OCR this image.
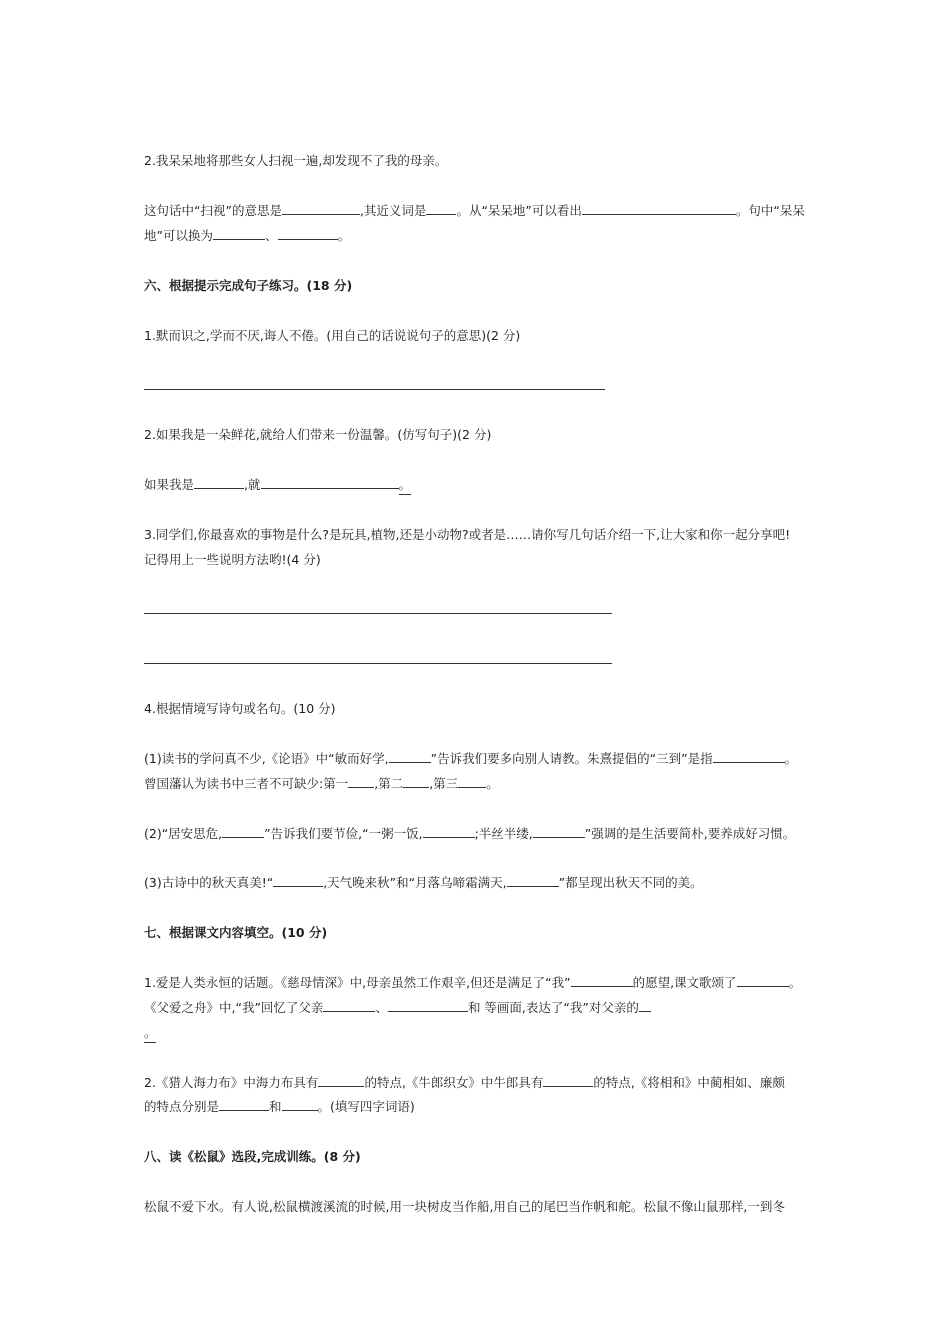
2.我呆呆地将那些女人扫视一遍,却发现不了我的母亲。
这句话中“扫视”的意思是	,其近义词是 。从“呆呆地”可以看出	。句中“呆呆
地”可以换为	、	。
六、根据提示完成句子练习。(18 分)
1.默而识之,学而不厌,诲人不倦。(用自己的话说说句子的意思)(2 分)
2.如果我是一朵鲜花,就给人们带来一份温馨。(仿写句子)(2 分)
如果我是	,就	。
3.同学们,你最喜欢的事物是什么?是玩具,植物,还是小动物?或者是……请你写几句话介绍一下,让大家和你一起分享吧!
记得用上一些说明方法哟!(4 分)
4.根据情境写诗句或名句。(10 分)
(1)读书的学问真不少,《论语》中“敏而好学,	”告诉我们要多向别人请教。朱熹提倡的“三到”是指	。
曾国藩认为读书中三者不可缺少:第一 ,第二 ,第三 。
(2)“居安思危,	”告诉我们要节俭,“一粥一饭,	;半丝半缕,	”强调的是生活要简朴,要养成好习惯。
(3)古诗中的秋天真美!“	,天气晚来秋”和“月落乌啼霜满天,	”都呈现出秋天不同的美。
七、根据课文内容填空。(10 分)
1.爱是人类永恒的话题。《慈母情深》中,母亲虽然工作艰辛,但还是满足了“我”	的愿望,课文歌颂了	。
《父爱之舟》中,“我”回忆了父亲	、	和 等画面,表达了“我”对父亲的
。
2.《猎人海力布》中海力布具有	的特点,《牛郎织女》中牛郎具有	的特点,《将相和》中蔺相如、廉颇
的特点分别是	和	。(填写四字词语)
八、读《松鼠》选段,完成训练。(8 分)
松鼠不爱下水。有人说,松鼠横渡溪流的时候,用一块树皮当作船,用自己的尾巴当作帆和舵。松鼠不像山鼠那样,一到冬
